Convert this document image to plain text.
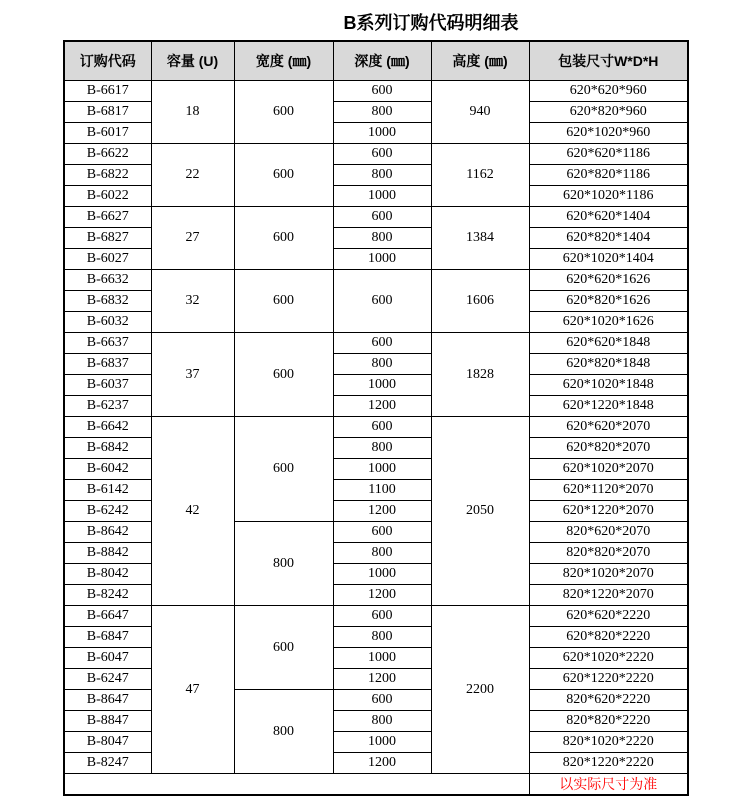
B系列订购代码明细表
订购代码	容量 (U)	宽度 (㎜)	深度 (㎜)	高度 (㎜)	包装尺寸W*D*H
B-6617	18	600	600	940	620*620*960
B-6817			800		620*820*960
B-6017			1000		620*1020*960
B-6622	22	600	600	1162	620*620*1186
B-6822			800		620*820*1186
B-6022			1000		620*1020*1186
B-6627	27	600	600	1384	620*620*1404
B-6827			800		620*820*1404
B-6027			1000		620*1020*1404
B-6632	32	600	600	1606	620*620*1626
B-6832					620*820*1626
B-6032					620*1020*1626
B-6637	37	600	600	1828	620*620*1848
B-6837			800		620*820*1848
B-6037			1000		620*1020*1848
B-6237			1200		620*1220*1848
B-6642	42	600	600	2050	620*620*2070
B-6842			800		620*820*2070
B-6042			1000		620*1020*2070
B-6142			1100		620*1120*2070
B-6242			1200		620*1220*2070
B-8642		800	600		820*620*2070
B-8842			800		820*820*2070
B-8042			1000		820*1020*2070
B-8242			1200		820*1220*2070
B-6647	47	600	600	2200	620*620*2220
B-6847			800		620*820*2220
B-6047			1000		620*1020*2220
B-6247			1200		620*1220*2220
B-8647		800	600		820*620*2220
B-8847			800		820*820*2220
B-8047			1000		820*1020*2220
B-8247			1200		820*1220*2220
					以实际尺寸为准
